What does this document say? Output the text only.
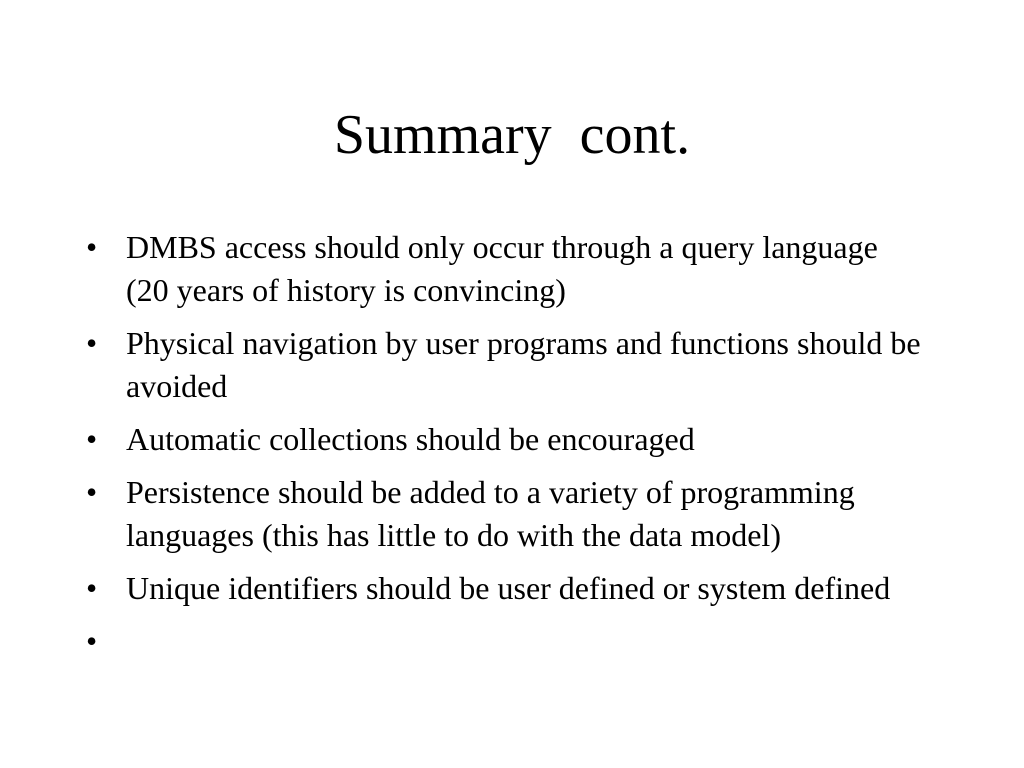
Summary  cont.
• DMBS access should only occur through a query language (20 years of history is convincing)
• Physical navigation by user programs and functions should be avoided
• Automatic collections should be encouraged
• Persistence should be added to a variety of programming languages (this has little to do with the data model)
• Unique identifiers should be user defined or system defined
•
